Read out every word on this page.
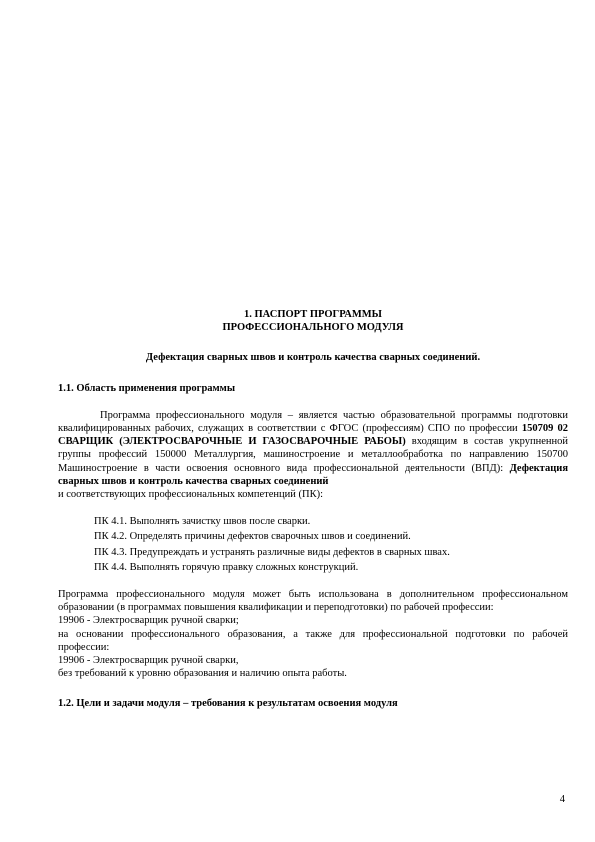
1. ПАСПОРТ ПРОГРАММЫ

ПРОФЕССИОНАЛЬНОГО МОДУЛЯ

Дефектация сварных швов и контроль качества сварных соединений.

1.1. Область применения программы

Программа профессионального модуля – является частью образовательной программы подготовки квалифицированных рабочих, служащих в соответствии с ФГОС (профессиям) СПО по профессии 150709 02 СВАРЩИК (ЭЛЕКТРОСВАРОЧНЫЕ И ГАЗОСВАРОЧНЫЕ РАБОЫ) входящим в состав укрупненной группы профессий 150000 Металлургия, машиностроение и металлообработка по направлению 150700 Машиностроение в части освоения основного вида профессиональной деятельности (ВПД): Дефектация сварных швов и контроль качества сварных соединений

и соответствующих профессиональных компетенций (ПК):

ПК 4.1. Выполнять зачистку швов после сварки.
ПК 4.2. Определять причины дефектов сварочных швов и соединений.
ПК 4.3. Предупреждать и устранять различные виды дефектов в сварных швах.
ПК 4.4. Выполнять горячую правку сложных конструкций.

Программа профессионального модуля может быть использована в дополнительном профессиональном образовании (в программах повышения квалификации и переподготовки) по рабочей профессии:

19906 - Электросварщик ручной сварки;

на основании профессионального образования, а также для профессиональной подготовки по рабочей профессии:

19906 - Электросварщик ручной сварки,

без требований к уровню образования и наличию опыта работы.

1.2. Цели и задачи модуля – требования к результатам освоения модуля

4
